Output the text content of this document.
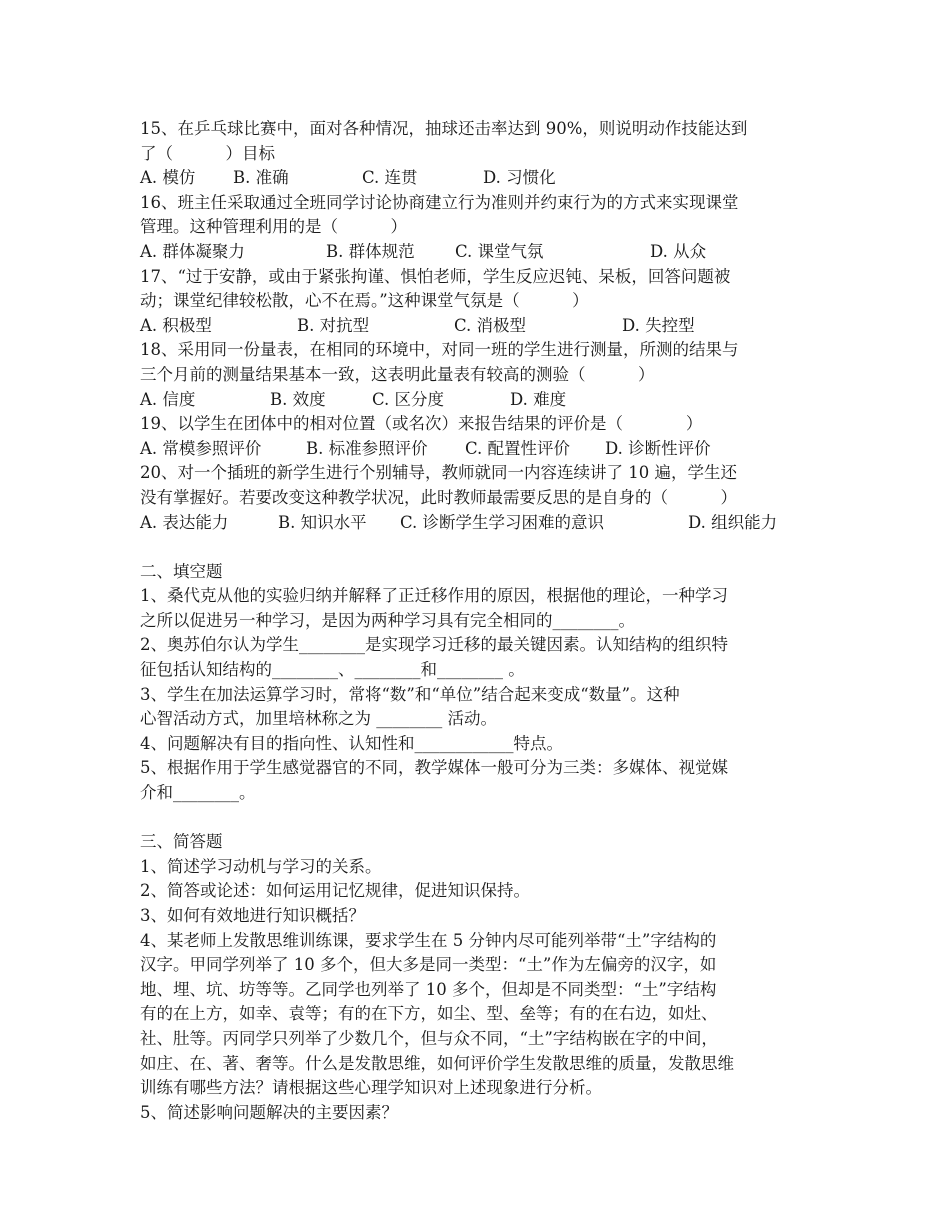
15、在乒乓球比赛中，面对各种情况，抽球还击率达到 90%，则说明动作技能达到
了（          ）目标

A. 模仿

B. 准确

	C. 连贯

	D. 习惯化

16、班主任采取通过全班同学讨论协商建立行为准则并约束行为的方式来实现课堂
管理。这种管理利用的是（          ）

A. 群体凝聚力

	B. 群体规范

C. 课堂气氛

	D. 从众

17、“过于安静，或由于紧张拘谨、惧怕老师，学生反应迟钝、呆板，回答问题被
动；课堂纪律较松散，心不在焉。”这种课堂气氛是（          ）

A. 积极型

	B. 对抗型

	C. 消极型

	D. 失控型

18、采用同一份量表，在相同的环境中，对同一班的学生进行测量，所测的结果与
三个月前的测量结果基本一致，这表明此量表有较高的测验（          ）

A. 信度

	B. 效度

	C. 区分度

	D. 难度

19、以学生在团体中的相对位置（或名次）来报告结果的评价是（            ）

A. 常模参照评价

	B. 标准参照评价

C. 配置性评价

D. 诊断性评价

20、对一个插班的新学生进行个别辅导，教师就同一内容连续讲了 10 遍，学生还
没有掌握好。若要改变这种教学状况，此时教师最需要反思的是自身的（          ）

A. 表达能力

	B. 知识水平

C. 诊断学生学习困难的意识

	D. 组织能力

二、填空题
1、桑代克从他的实验归纳并解释了正迁移作用的原因，根据他的理论，一种学习
之所以促进另一种学习，是因为两种学习具有完全相同的________。
2、奥苏伯尔认为学生________是实现学习迁移的最关键因素。认知结构的组织特
征包括认知结构的________、________和________ 。
3、学生在加法运算学习时，常将“数”和“单位”结合起来变成“数量”。这种
心智活动方式，加里培林称之为 ________ 活动。
4、问题解决有目的指向性、认知性和____________特点。
5、根据作用于学生感觉器官的不同，教学媒体一般可分为三类：多媒体、视觉媒
介和________。
三、简答题
1、简述学习动机与学习的关系。
2、简答或论述：如何运用记忆规律，促进知识保持。
3、如何有效地进行知识概括？
4、某老师上发散思维训练课，要求学生在 5 分钟内尽可能列举带“土”字结构的
汉字。甲同学列举了 10 多个，但大多是同一类型：“土”作为左偏旁的汉字，如
地、埋、坑、坊等等。乙同学也列举了 10 多个，但却是不同类型：“土”字结构
有的在上方，如幸、袁等；有的在下方，如尘、型、垒等；有的在右边，如灶、
社、肚等。丙同学只列举了少数几个，但与众不同，“土”字结构嵌在字的中间，
如庄、在、著、奢等。什么是发散思维，如何评价学生发散思维的质量，发散思维
训练有哪些方法？请根据这些心理学知识对上述现象进行分析。
5、简述影响问题解决的主要因素？
